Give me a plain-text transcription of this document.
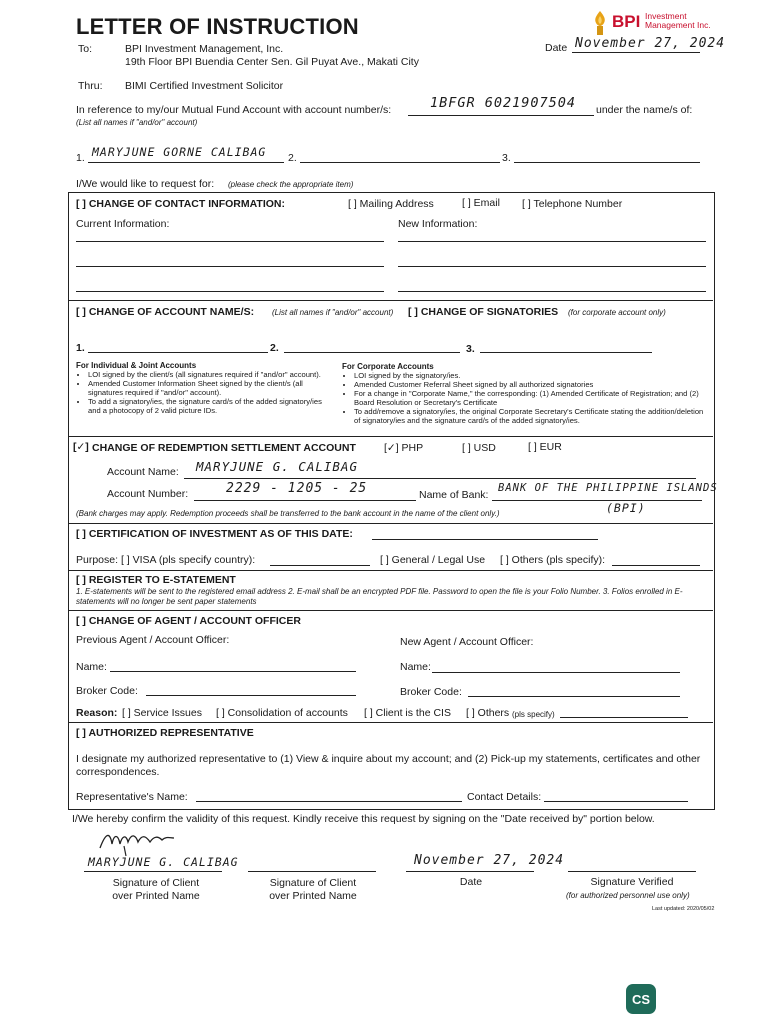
LETTER OF INSTRUCTION	BPI Investment
Management Inc.
To:	BPI Investment Management, Inc.
19th Floor BPI Buendia Center Sen. Gil Puyat Ave., Makati City
Date November 27, 2024
Thru: BIMI Certified Investment Solicitor
In reference to my/our Mutual Fund Account with account number/s:	1BFGR 6021907504 under the name/s of:
(List all names if "and/or" account)
1. MARYJUNE GORNE CALIBAG 2.	3.
I/We would like to request for: (please check the appropriate item)
[ ] CHANGE OF CONTACT INFORMATION:	[ ] Mailing Address	[ ] Email [ ] Telephone Number
Current Information:	New Information:
[ ] CHANGE OF ACCOUNT NAME/S: (List all names if "and/or" account) [ ] CHANGE OF SIGNATORIES (for corporate account only)
1.	2.	3.
For Individual & Joint Accounts
• LOI signed by the client/s (all signatures required if "and/or" account).
• Amended Customer Information Sheet signed by the client/s (all signatures required if "and/or" account).
• To add a signatory/ies, the signature card/s of the added signatory/ies and a photocopy of 2 valid picture IDs.
For Corporate Accounts
• LOI signed by the signatory/ies.
• Amended Customer Referral Sheet signed by all authorized signatories
• For a change in "Corporate Name," the corresponding: (1) Amended Certificate of Registration; and (2) Board Resolution or Secretary's Certificate
• To add/remove a signatory/ies, the original Corporate Secretary's Certificate stating the addition/deletion of signatory/ies and the signature card/s of the added signatory/ies.
[✓] CHANGE OF REDEMPTION SETTLEMENT ACCOUNT	[✓] PHP	[ ] USD	[ ] EUR
Account Name: MARYJUNE G. CALIBAG
Account Number:	2229 - 1205 - 25	Name of Bank:
BANK OF THE PHILIPPINE ISLANDS
(BPI)
(Bank charges may apply. Redemption proceeds shall be transferred to the bank account in the name of the client only.)
[ ] CERTIFICATION OF INVESTMENT AS OF THIS DATE:
Purpose: [ ] VISA (pls specify country):	[ ] General / Legal Use [ ] Others (pls specify):
[ ] REGISTER TO E-STATEMENT
1. E-statements will be sent to the registered email address 2. E-mail shall be an encrypted PDF file. Password to open the file is your Folio Number. 3. Folios enrolled in E-statements will no longer be sent paper statements
[ ] CHANGE OF AGENT / ACCOUNT OFFICER
Previous Agent / Account Officer:	New Agent / Account Officer:
Name:	Name:
Broker Code:	Broker Code:
Reason: [ ] Service Issues [ ] Consolidation of accounts [ ] Client is the CIS [ ] Others (pls specify)
[ ] AUTHORIZED REPRESENTATIVE
I designate my authorized representative to (1) View & inquire about my account; and (2) Pick-up my statements, certificates and other correspondences.
Representative's Name:	Contact Details:
I/We hereby confirm the validity of this request. Kindly receive this request by signing on the "Date received by" portion below.
MARYJUNE G. CALIBAG
Signature of Client
over Printed Name
Signature of Client
over Printed Name
November 27, 2024
Date	Signature Verified
(for authorized personnel use only)
Last updated: 2020/05/02
CS
